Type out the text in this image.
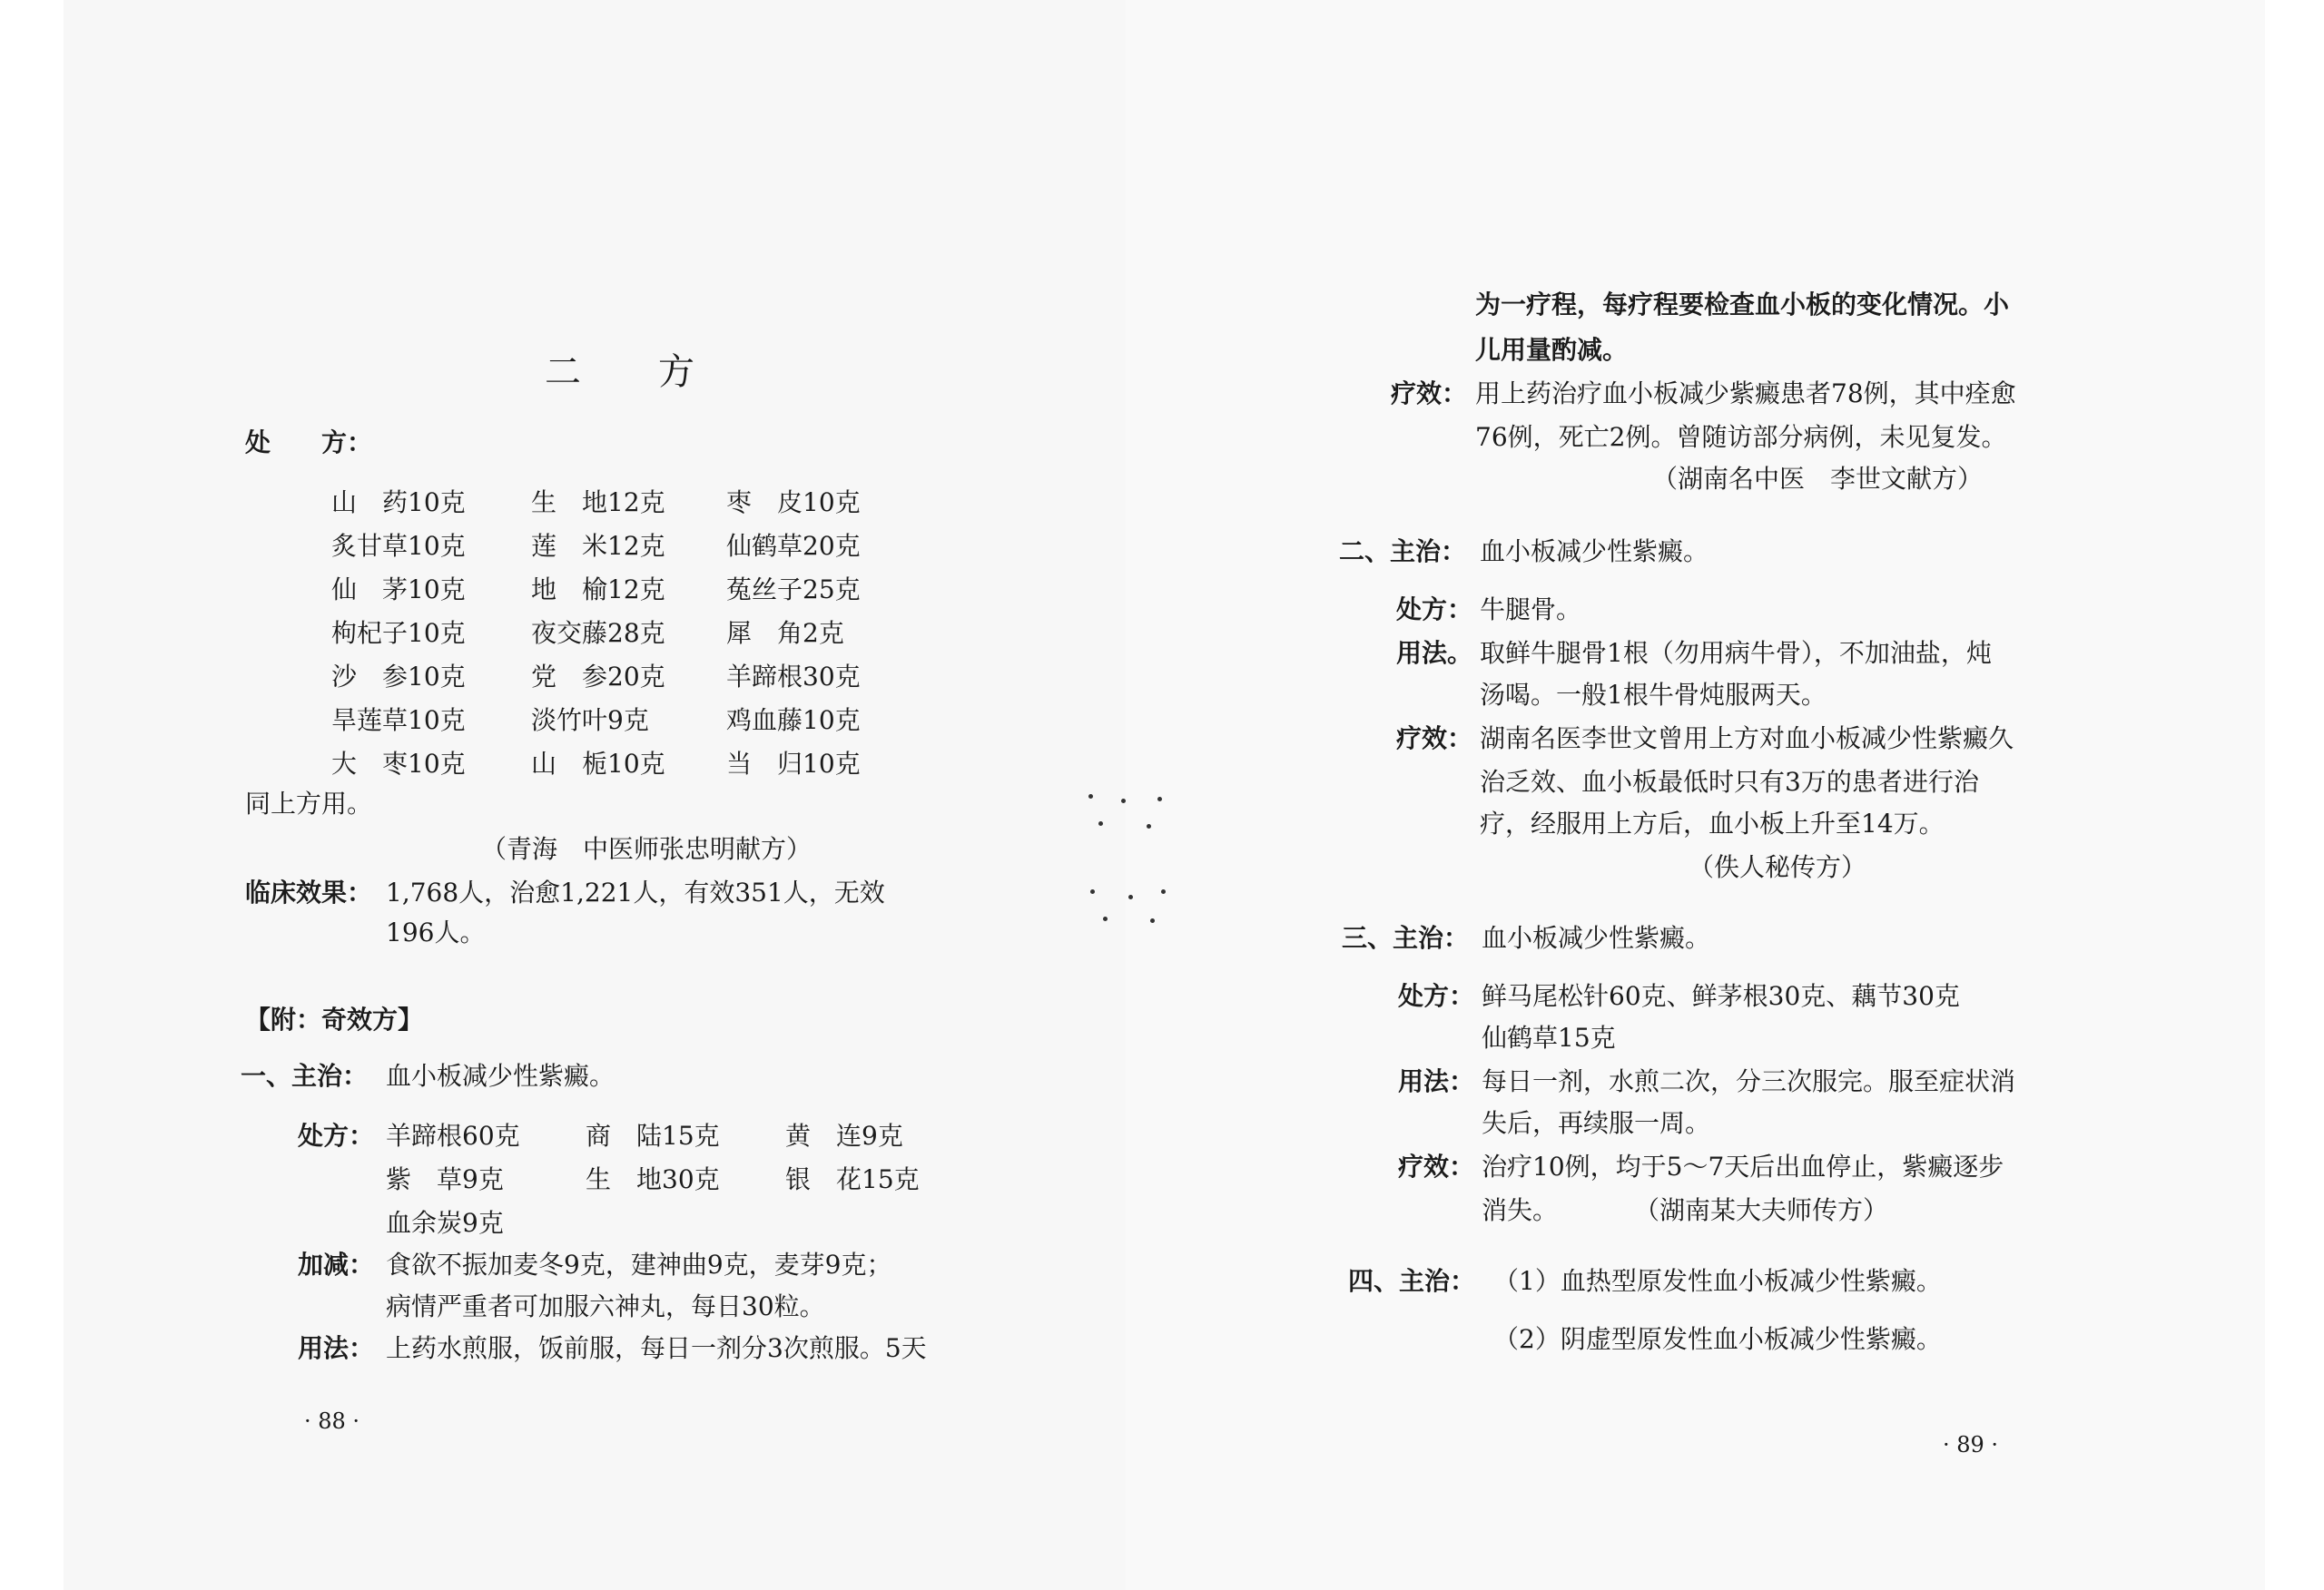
二 方
处　　方：
山　药10克	生　地12克 枣　皮10克
炙甘草10克	莲　米12克 仙鹤草20克
仙　茅10克	地　榆12克 菟丝子25克
枸杞子10克	夜交藤28克 犀　角2克
沙　参10克	党　参20克 羊蹄根30克
旱莲草10克	淡竹叶9克	鸡血藤10克
大　枣10克	山　栀10克 当　归10克
同上方用。
（青海　中医师张忠明献方）
临床效果： 1,768人，治愈1,221人，有效351人，无效
196人。
【附：奇效方】
一、主治： 血小板减少性紫癜。
处方： 羊蹄根60克	商　陆15克	黄　连9克
紫　草9克	生　地30克	银　花15克
血余炭9克
加减： 食欲不振加麦冬9克，建神曲9克，麦芽9克；
病情严重者可加服六神丸，每日30粒。
用法： 上药水煎服，饭前服，每日一剂分3次煎服。5天
· 88 ·
为一疗程，每疗程要检查血小板的变化情况。小
儿用量酌减。
疗效： 用上药治疗血小板减少紫癜患者78例，其中痊愈
76例，死亡2例。曾随访部分病例，未见复发。
（湖南名中医　李世文献方）
二、主治： 血小板减少性紫癜。
处方： 牛腿骨。
用法。 取鲜牛腿骨1根（勿用病牛骨），不加油盐，炖
汤喝。一般1根牛骨炖服两天。
疗效： 湖南名医李世文曾用上方对血小板减少性紫癜久
治乏效、血小板最低时只有3万的患者进行治
疗，经服用上方后，血小板上升至14万。
（佚人秘传方）
三、主治： 血小板减少性紫癜。
处方： 鲜马尾松针60克、鲜茅根30克、藕节30克
仙鹤草15克
用法： 每日一剂，水煎二次，分三次服完。服至症状消
失后，再续服一周。
疗效： 治疗10例，均于5～7天后出血停止，紫癜逐步
消失。	（湖南某大夫师传方）
四、主治： （1）血热型原发性血小板减少性紫癜。
（2）阴虚型原发性血小板减少性紫癜。
· 89 ·
